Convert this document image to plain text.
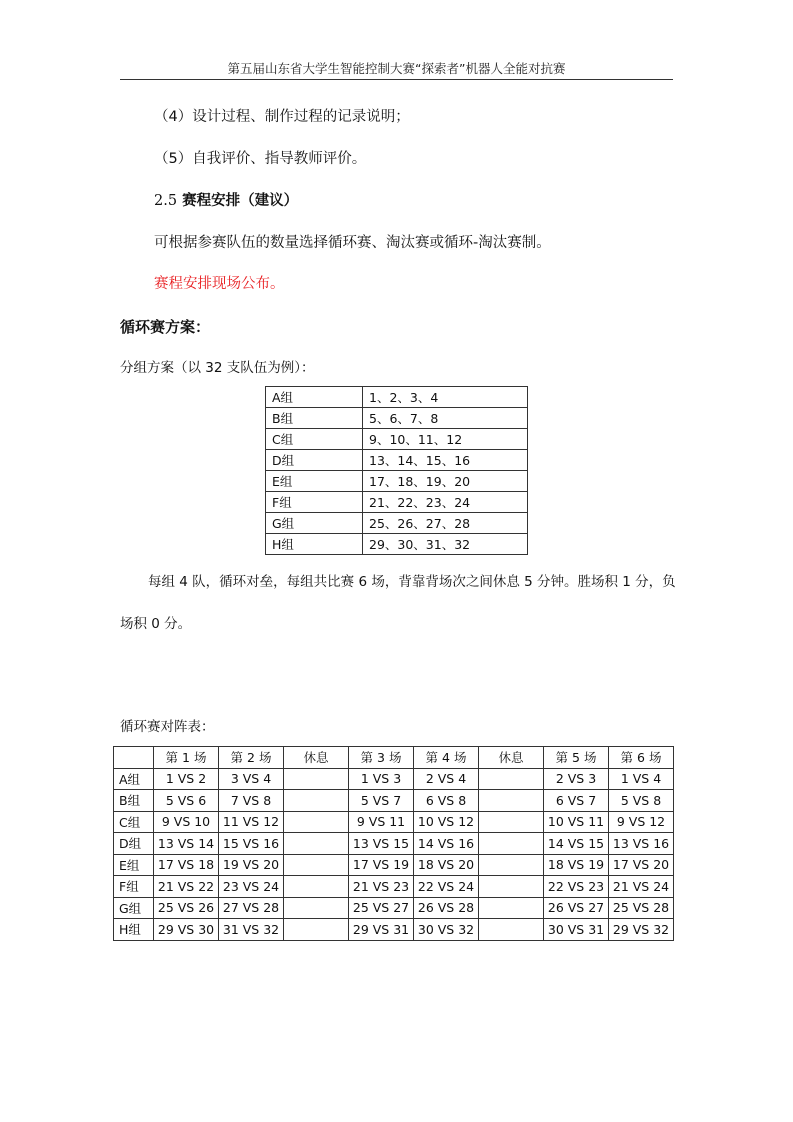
第五届山东省大学生智能控制大赛“探索者”机器人全能对抗赛
（4）设计过程、制作过程的记录说明；
（5）自我评价、指导教师评价。
2.5 赛程安排（建议）
可根据参赛队伍的数量选择循环赛、淘汰赛或循环-淘汰赛制。
赛程安排现场公布。
循环赛方案：
分组方案（以 32 支队伍为例）：
A组	1、2、3、4
B组	5、6、7、8
C组	9、10、11、12
D组	13、14、15、16
E组	17、18、19、20
F组	21、22、23、24
G组	25、26、27、28
H组	29、30、31、32
每组 4 队，循环对垒，每组共比赛 6 场，背靠背场次之间休息 5 分钟。胜场积 1 分，负
场积 0 分。
循环赛对阵表：
	第 1 场	第 2 场	休息	第 3 场	第 4 场	休息	第 5 场	第 6 场
A组	1 VS 2	3 VS 4		1 VS 3	2 VS 4		2 VS 3	1 VS 4
B组	5 VS 6	7 VS 8		5 VS 7	6 VS 8		6 VS 7	5 VS 8
C组	9 VS 10	11 VS 12		9 VS 11	10 VS 12		10 VS 11	9 VS 12
D组	13 VS 14	15 VS 16		13 VS 15	14 VS 16		14 VS 15	13 VS 16
E组	17 VS 18	19 VS 20		17 VS 19	18 VS 20		18 VS 19	17 VS 20
F组	21 VS 22	23 VS 24		21 VS 23	22 VS 24		22 VS 23	21 VS 24
G组	25 VS 26	27 VS 28		25 VS 27	26 VS 28		26 VS 27	25 VS 28
H组	29 VS 30	31 VS 32		29 VS 31	30 VS 32		30 VS 31	29 VS 32
